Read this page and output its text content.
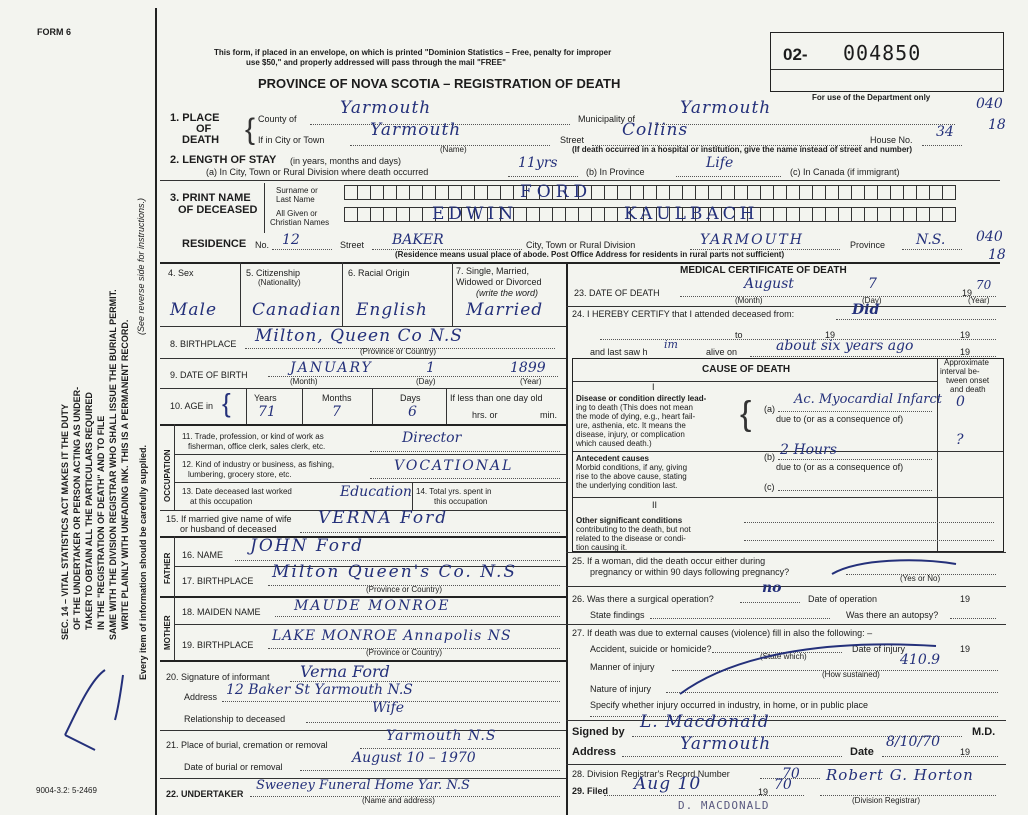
FORM 6
SEC. 14 – VITAL STATISTICS ACT MAKES IT THE DUTY OF THE UNDERTAKER OR PERSON ACTING AS UNDER- TAKER TO OBTAIN ALL THE PARTICULARS REQUIRED IN THE "REGISTRATION OF DEATH" AND TO FILE SAME WITH THE DIVISION REGISTRAR WHO SHALL ISSUE THE BURIAL PERMIT. WRITE PLAINLY WITH UNFADING INK. THIS IS A PERMANENT RECORD.
(See reverse side for instructions.)
Every item of information should be carefully supplied.
9004-3.2: 5-2469
This form, if placed in an envelope, on which is printed "Dominion Statistics – Free, penalty for improper
use $50," and properly addressed will pass through the mail "FREE"
PROVINCE OF NOVA SCOTIA – REGISTRATION OF DEATH
02- 004850
For use of the Department only	040
18
040
18
1. PLACE
OF
DEATH { County of
Yarmouth
Municipality of
Yarmouth
If in City or Town	Yarmouth
(Name)
Street Collins	House No. 34
(If death occurred in a hospital or institution, give the name instead of street and number)
2. LENGTH OF STAY (in years, months and days)
(a) In City, Town or Rural Division where death occurred
11yrs
(b) In Province
Life
(c) In Canada (if immigrant)
3. PRINT NAME
OF DECEASED
Surname or
Last Name
All Given or
Christian Names
FORD
EDWIN	KAULBACH
RESIDENCE No. 12	Street BAKER	City, Town or Rural Division	YARMOUTH	Province N.S.
(Residence means usual place of abode. Post Office Address for residents in rural parts not sufficient)
4. Sex	5. Citizenship
(Nationality)
6. Racial Origin	7. Single, Married,
Widowed or Divorced
(write the word)
Male Canadian English Married
8. BIRTHPLACE Milton, Queen Co N.S
(Province or Country)
9. DATE OF BIRTH	JANUARY	1	1899
(Month)	(Day)	(Year)
10. AGE in {	Years	Months	Days	If less than one day old
71	7	6	hrs. or	min.
OCCUPATION
11. Trade, profession, or kind of work as
fisherman, office clerk, sales clerk, etc.
Director
12. Kind of industry or business, as fishing,
lumbering, grocery store, etc.
VOCATIONAL
13. Date deceased last worked
at this occupation
Education 14. Total yrs. spent in
this occupation
15. If married give name of wife
or husband of deceased
VERNA Ford
FATHER 16. NAME JOHN Ford
17. BIRTHPLACE Milton Queen's Co. N.S
(Province or Country)
MOTHER
18. MAIDEN NAME MAUDE MONROE
19. BIRTHPLACE
LAKE MONROE Annapolis NS
(Province or Country)
20. Signature of informant Verna Ford
Address 12 Baker St Yarmouth N.S
Wife
Relationship to deceased
21. Place of burial, cremation or removal
Yarmouth N.S
Date of burial or removal
August 10 – 1970
22. UNDERTAKER
Sweeney Funeral Home Yar. N.S
(Name and address)
MEDICAL CERTIFICATE OF DEATH
23. DATE OF DEATH
August	7
19
70
(Month)	(Day)	(Year)
24. I HEREBY CERTIFY that I attended deceased from:	Did
to	19	19
and last saw h
im
alive on	about six years ago	19
CAUSE OF DEATH
Approximate
interval be-
tween onset
and death
I
Disease or condition directly lead-
ing to death (This does not mean
the mode of dying, e.g., heart fail-
ure, asthenia, etc. It means the
disease, injury, or complication
which caused death.)
{ (a)
Ac. Myocardial Infarct 0
due to (or as a consequence of)
Antecedent causes
Morbid conditions, if any, giving
rise to the above cause, stating
the underlying condition last.
(b) 2 Hours
?
due to (or as a consequence of)
(c)
II
Other significant conditions
contributing to the death, but not
related to the disease or condi-
tion causing it.
25. If a woman, did the death occur either during
pregnancy or within 90 days following pregnancy?
(Yes or No)
26. Was there a surgical operation?
no
Date of operation	19
State findings	Was there an autopsy?
27. If death was due to external causes (violence) fill in also the following: –
Accident, suicide or homicide?
(State which)
Date of injury	19
410.9
Manner of injury
(How sustained)
Nature of injury
Specify whether injury occurred in industry, in home, or in public place
Signed by L. Macdonald	M.D.
Address	Yarmouth	Date
8/10/70
19
28. Division Registrar's Record Number	70
29. Filed Aug 10	19 70
Robert G. Horton
(Division Registrar)
D. MACDONALD
